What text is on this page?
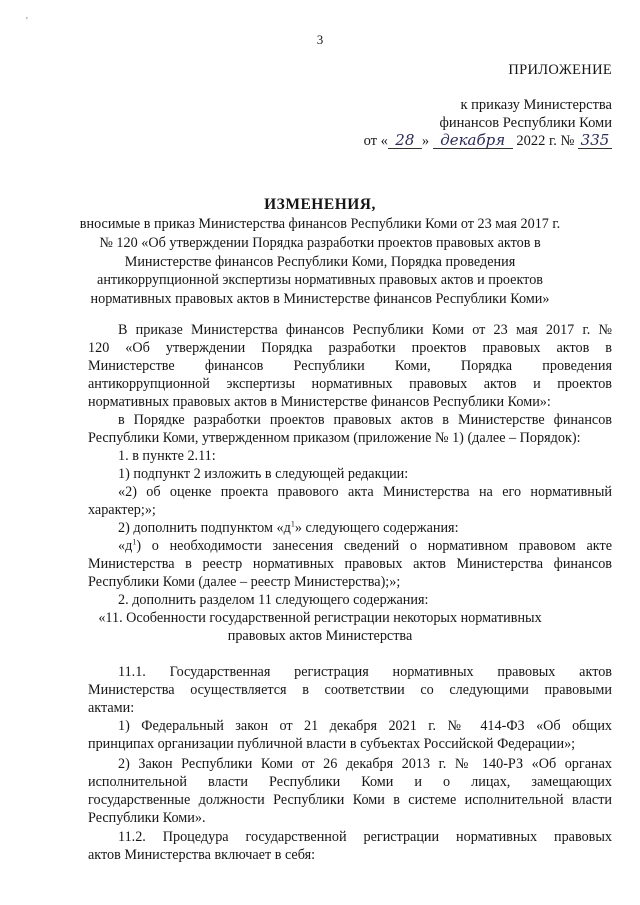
'
3
ПРИЛОЖЕНИЕ
к приказу Министерства
финансов Республики Коми
от « 28 » декабря 2022 г. № 335
ИЗМЕНЕНИЯ,
вносимые в приказ Министерства финансов Республики Коми от 23 мая 2017 г.
№ 120 «Об утверждении Порядка разработки проектов правовых актов в
Министерстве финансов Республики Коми, Порядка проведения
антикоррупционной экспертизы нормативных правовых актов и проектов
нормативных правовых актов в Министерстве финансов Республики Коми»
В приказе Министерства финансов Республики Коми от 23 мая 2017 г. №
120 «Об утверждении Порядка разработки проектов правовых актов в
Министерстве финансов Республики Коми, Порядка проведения
антикоррупционной экспертизы нормативных правовых актов и проектов
нормативных правовых актов в Министерстве финансов Республики Коми»:
в Порядке разработки проектов правовых актов в Министерстве финансов
Республики Коми, утвержденном приказом (приложение № 1) (далее – Порядок):
1. в пункте 2.11:
1) подпункт 2 изложить в следующей редакции:
«2) об оценке проекта правового акта Министерства на его нормативный
характер;»;
2) дополнить подпунктом «$д^1$» следующего содержания:
«$д^1$) о необходимости занесения сведений о нормативном правовом акте
Министерства в реестр нормативных правовых актов Министерства финансов
Республики Коми (далее – реестр Министерства);»;
2. дополнить разделом 11 следующего содержания:
«11. Особенности государственной регистрации некоторых нормативных
правовых актов Министерства
11.1. Государственная регистрация нормативных правовых актов
Министерства осуществляется в соответствии со следующими правовыми
актами:
1) Федеральный закон от 21 декабря 2021 г. № 414-ФЗ «Об общих
принципах организации публичной власти в субъектах Российской Федерации»;
2) Закон Республики Коми от 26 декабря 2013 г. № 140-РЗ «Об органах
исполнительной власти Республики Коми и о лицах, замещающих
государственные должности Республики Коми в системе исполнительной власти
Республики Коми».
11.2. Процедура государственной регистрации нормативных правовых
актов Министерства включает в себя:
